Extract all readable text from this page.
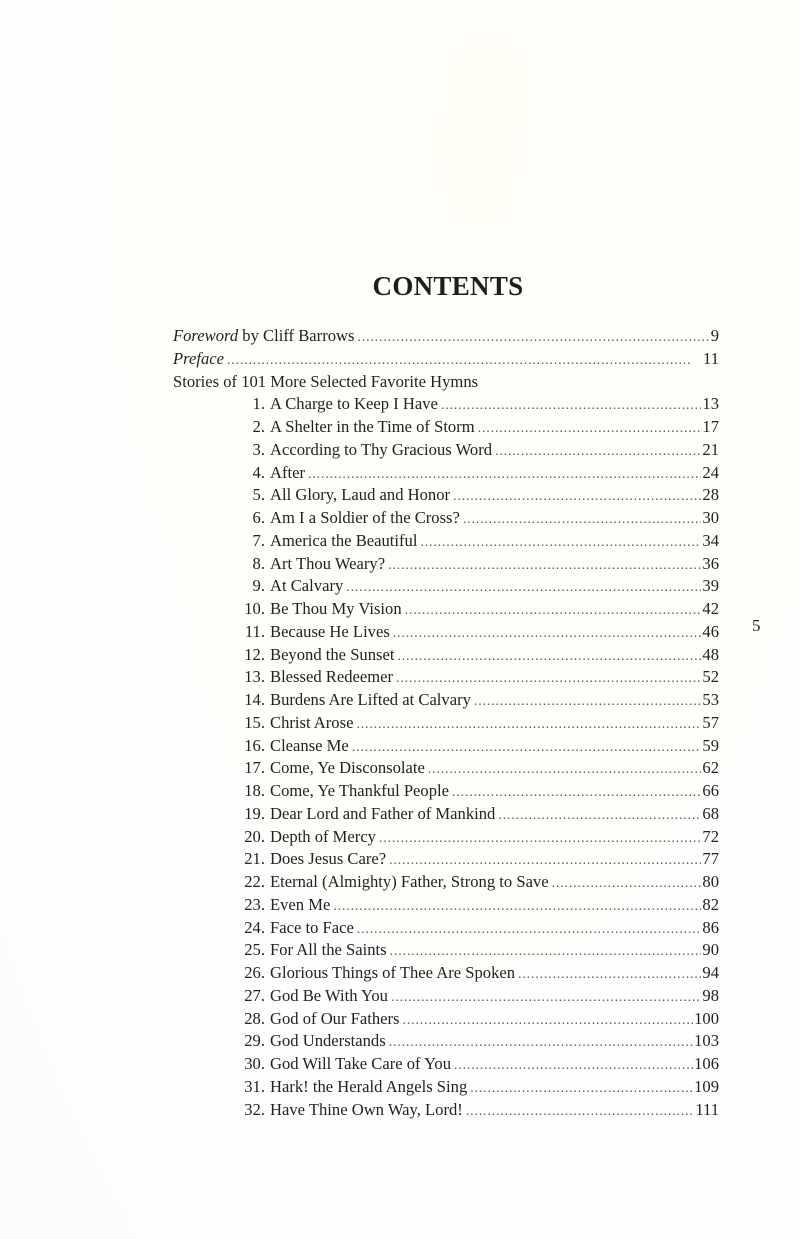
CONTENTS
Foreword by Cliff Barrows . . .	9
Preface . . .	11
Stories of 101 More Selected Favorite Hymns
1. A Charge to Keep I Have . . .	13
2. A Shelter in the Time of Storm . . .	17
3. According to Thy Gracious Word . . .	21
4. After . . .	24
5. All Glory, Laud and Honor . . .	28
6. Am I a Soldier of the Cross? . . .	30
7. America the Beautiful . . .	34
8. Art Thou Weary? . . .	36
9. At Calvary . . .	39
10. Be Thou My Vision . . .	42
11. Because He Lives . . .	46
12. Beyond the Sunset . . .	48
13. Blessed Redeemer . . .	52
14. Burdens Are Lifted at Calvary . . .	53
15. Christ Arose . . .	57
16. Cleanse Me . . .	59
17. Come, Ye Disconsolate . . .	62
18. Come, Ye Thankful People . . .	66
19. Dear Lord and Father of Mankind . . .	68
20. Depth of Mercy . . .	72
21. Does Jesus Care? . . .	77
22. Eternal (Almighty) Father, Strong to Save . . .	80
23. Even Me . . .	82
24. Face to Face . . .	86
25. For All the Saints . . .	90
26. Glorious Things of Thee Are Spoken . . .	94
27. God Be With You . . .	98
28. God of Our Fathers . . .	100
29. God Understands . . .	103
30. God Will Take Care of You . . .	106
31. Hark! the Herald Angels Sing . . .	109
32. Have Thine Own Way, Lord! . . .	111
5
